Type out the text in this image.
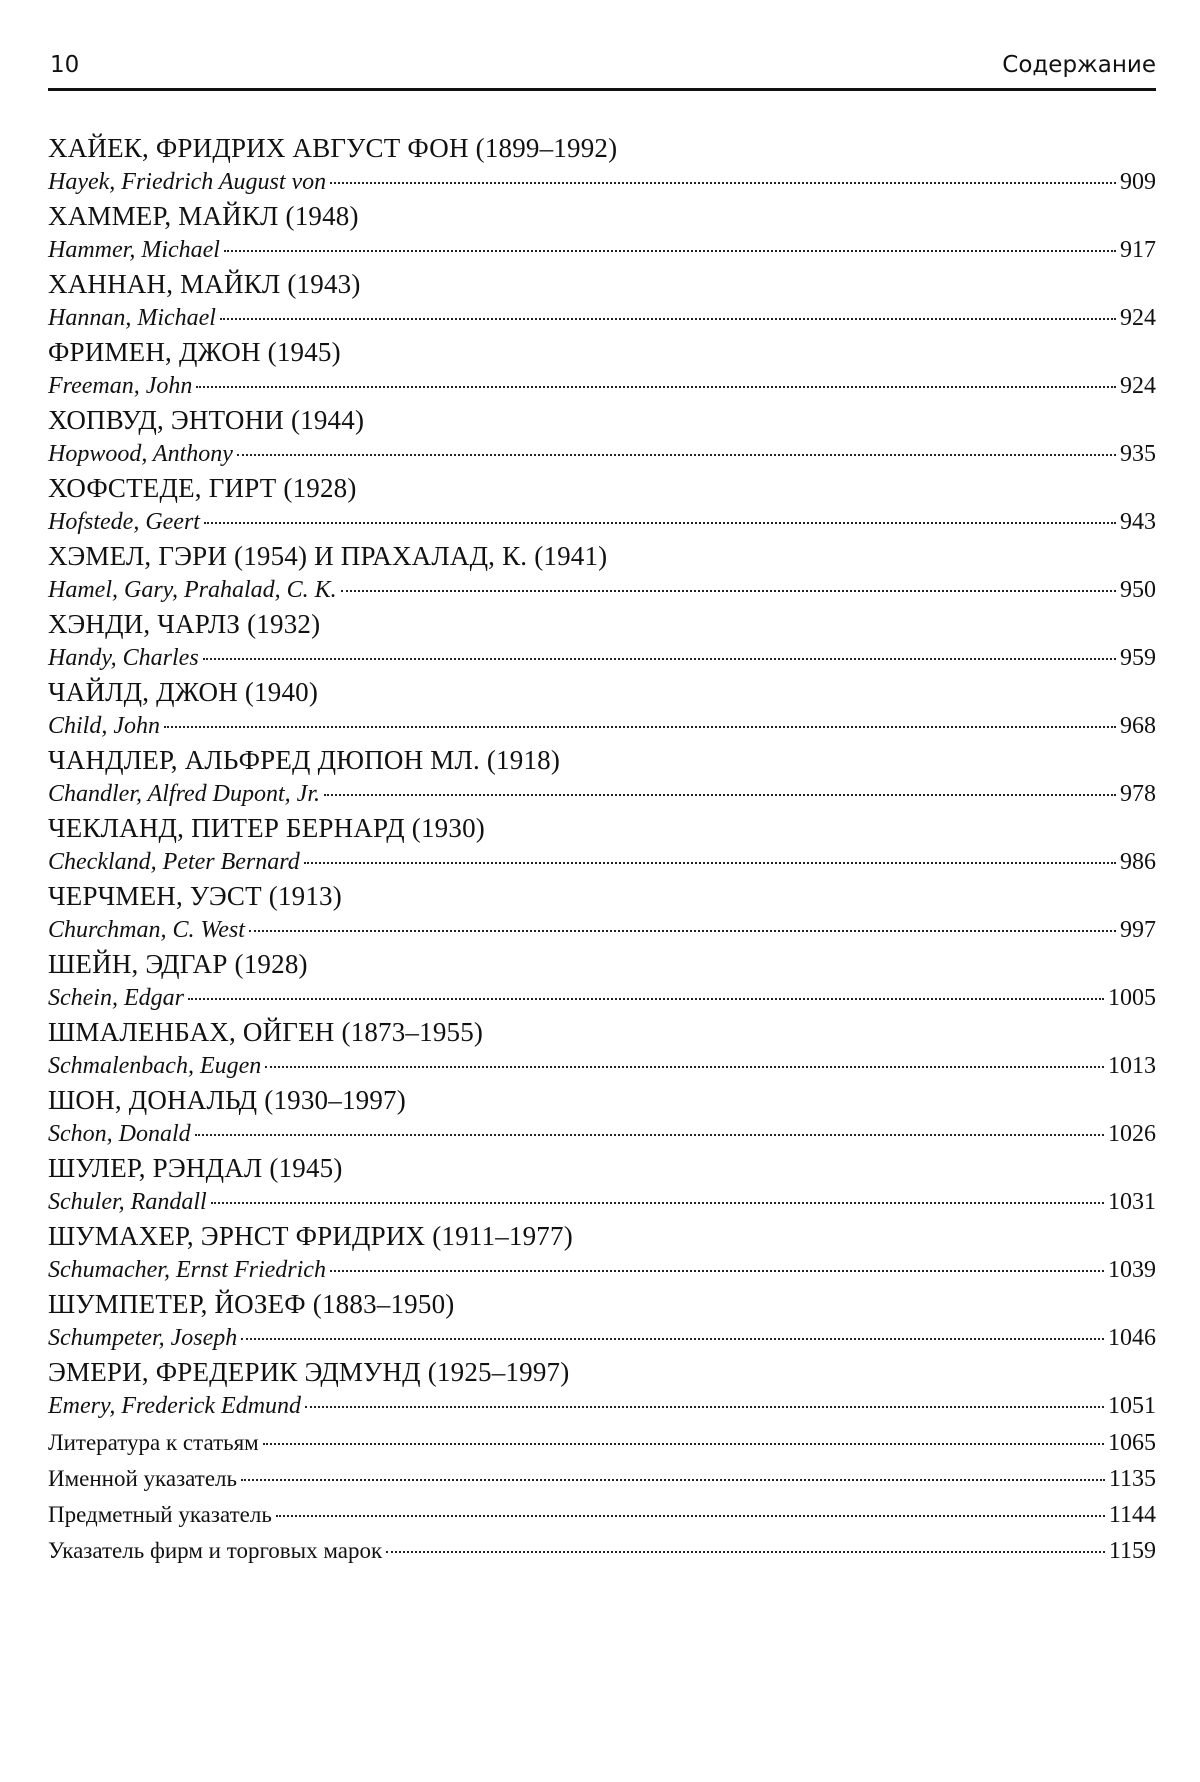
10	Содержание
ХАЙЕК, ФРИДРИХ АВГУСТ ФОН (1899–1992)
Hayek, Friedrich August von	909
ХАММЕР, МАЙКЛ (1948)
Hammer, Michael	917
ХАННАН, МАЙКЛ (1943)
Hannan, Michael	924
ФРИМЕН, ДЖОН (1945)
Freeman, John	924
ХОПВУД, ЭНТОНИ (1944)
Hopwood, Anthony	935
ХОФСТЕДЕ, ГИРТ (1928)
Hofstede, Geert	943
ХЭМЕЛ, ГЭРИ (1954) И ПРАХАЛАД, К. (1941)
Hamel, Gary, Prahalad, C. K.	950
ХЭНДИ, ЧАРЛЗ (1932)
Handy, Charles	959
ЧАЙЛД, ДЖОН (1940)
Child, John	968
ЧАНДЛЕР, АЛЬФРЕД ДЮПОН МЛ. (1918)
Chandler, Alfred Dupont, Jr.	978
ЧЕКЛАНД, ПИТЕР БЕРНАРД (1930)
Checkland, Peter Bernard	986
ЧЕРЧМЕН, УЭСТ (1913)
Churchman, C. West	997
ШЕЙН, ЭДГАР (1928)
Schein, Edgar	1005
ШМАЛЕНБАХ, ОЙГЕН (1873–1955)
Schmalenbach, Eugen	1013
ШОН, ДОНАЛЬД (1930–1997)
Schon, Donald	1026
ШУЛЕР, РЭНДАЛ (1945)
Schuler, Randall	1031
ШУМАХЕР, ЭРНСТ ФРИДРИХ (1911–1977)
Schumacher, Ernst Friedrich	1039
ШУМПЕТЕР, ЙОЗЕФ (1883–1950)
Schumpeter, Joseph	1046
ЭМЕРИ, ФРЕДЕРИК ЭДМУНД (1925–1997)
Emery, Frederick Edmund	1051
Литература к статьям	1065
Именной указатель	1135
Предметный указатель	1144
Указатель фирм и торговых марок	1159
